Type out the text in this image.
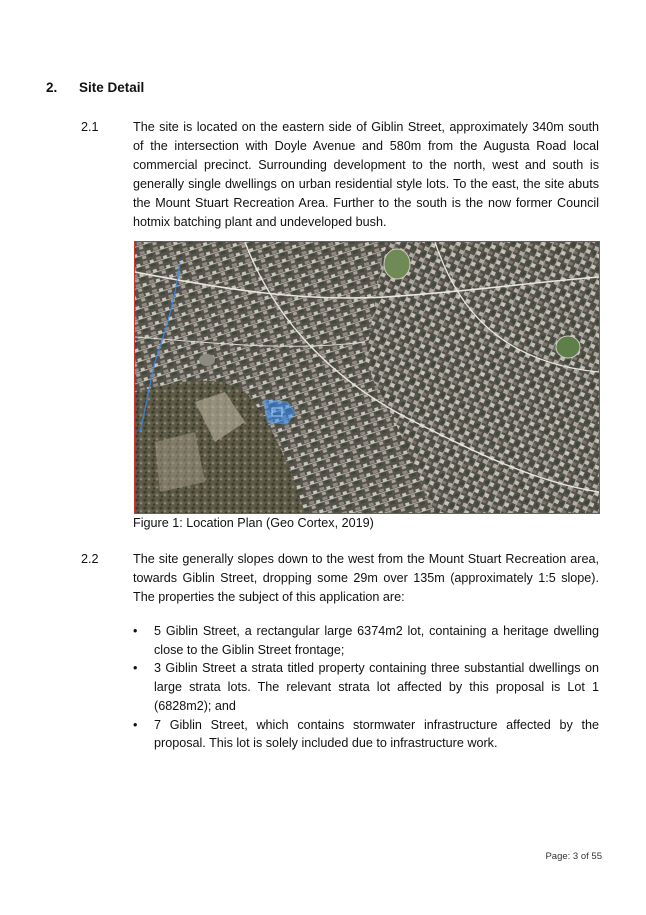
2. Site Detail
2.1	The site is located on the eastern side of Giblin Street, approximately 340m south of the intersection with Doyle Avenue and 580m from the Augusta Road local commercial precinct. Surrounding development to the north, west and south is generally single dwellings on urban residential style lots. To the east, the site abuts the Mount Stuart Recreation Area. Further to the south is the now former Council hotmix batching plant and undeveloped bush.
Figure 1: Location Plan (Geo Cortex, 2019)
2.2	The site generally slopes down to the west from the Mount Stuart Recreation area, towards Giblin Street, dropping some 29m over 135m (approximately 1:5 slope). The properties the subject of this application are:
• 5 Giblin Street, a rectangular large 6374m2 lot, containing a heritage dwelling close to the Giblin Street frontage;
• 3 Giblin Street a strata titled property containing three substantial dwellings on large strata lots. The relevant strata lot affected by this proposal is Lot 1 (6828m2); and
• 7 Giblin Street, which contains stormwater infrastructure affected by the proposal. This lot is solely included due to infrastructure work.
Page: 3 of 55
